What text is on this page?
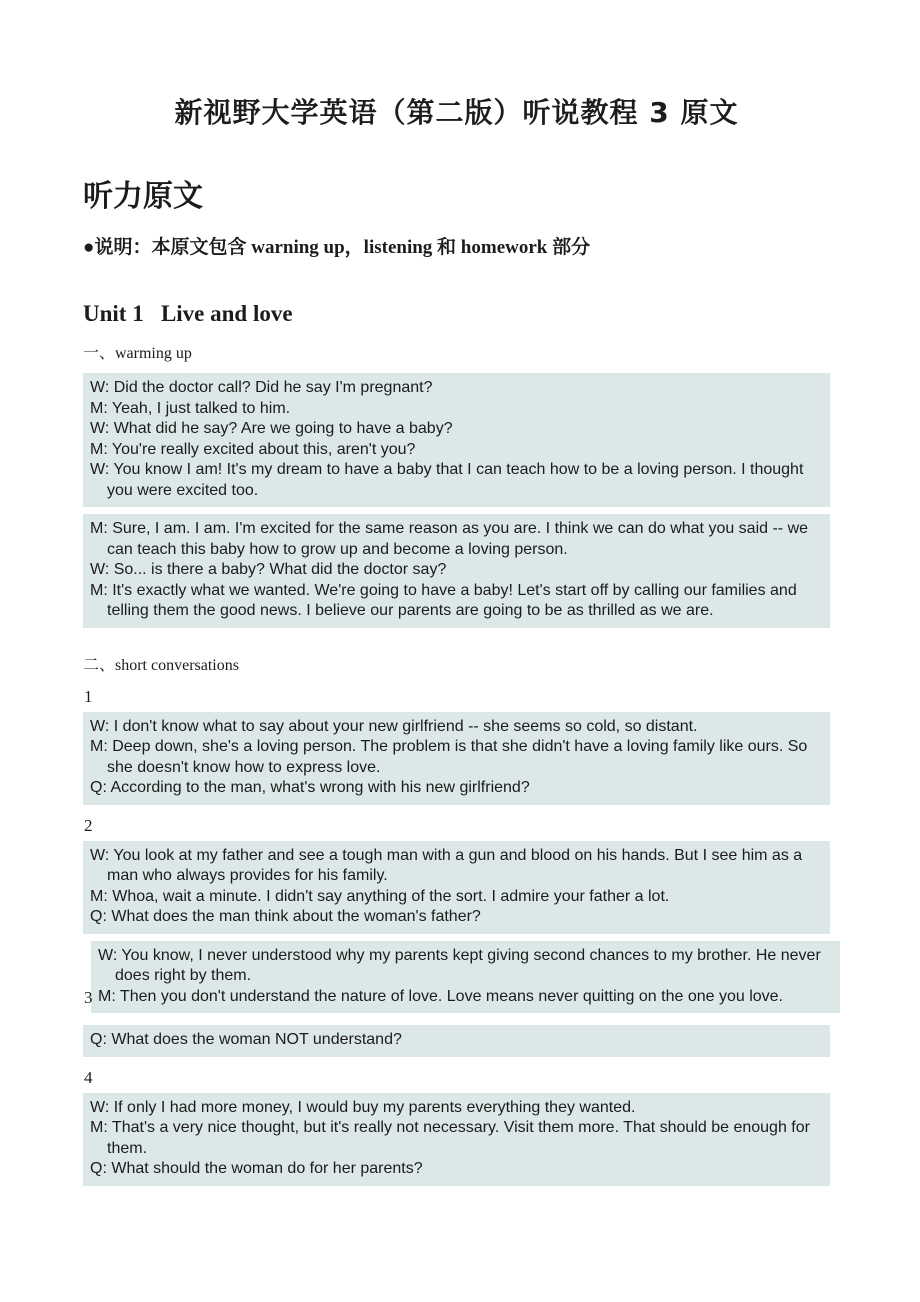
新视野大学英语（第二版）听说教程 3 原文
听力原文

●说明：本原文包含 warning up，listening 和 homework 部分

Unit 1   Live and love

一、warming up

W: Did the doctor call? Did he say I'm pregnant?

M: Yeah, I just talked to him.

W: What did he say? Are we going to have a baby?

M: You're really excited about this, aren't you?

W: You know I am! It's my dream to have a baby that I can teach how to be a loving person. I thought you were excited too.

M: Sure, I am. I am. I'm excited for the same reason as you are. I think we can do what you said -- we can teach this baby how to grow up and become a loving person.

W: So... is there a baby? What did the doctor say?

M: It's exactly what we wanted. We're going to have a baby! Let's start off by calling our families and telling them the good news. I believe our parents are going to be as thrilled as we are.

二、short conversations

1

W: I don't know what to say about your new girlfriend -- she seems so cold, so distant.

M: Deep down, she's a loving person. The problem is that she didn't have a loving family like ours. So she doesn't know how to express love.

Q: According to the man, what's wrong with his new girlfriend?

2

W: You look at my father and see a tough man with a gun and blood on his hands. But I see him as a man who always provides for his family.

M: Whoa, wait a minute. I didn't say anything of the sort. I admire your father a lot.

Q: What does the man think about the woman's father?

W: You know, I never understood why my parents kept giving second chances to my brother. He never does right by them.

M: Then you don't understand the nature of love. Love means never quitting on the one you love.

3

Q: What does the woman NOT understand?

4

W: If only I had more money, I would buy my parents everything they wanted.

M: That's a very nice thought, but it's really not necessary. Visit them more. That should be enough for them.

Q: What should the woman do for her parents?
